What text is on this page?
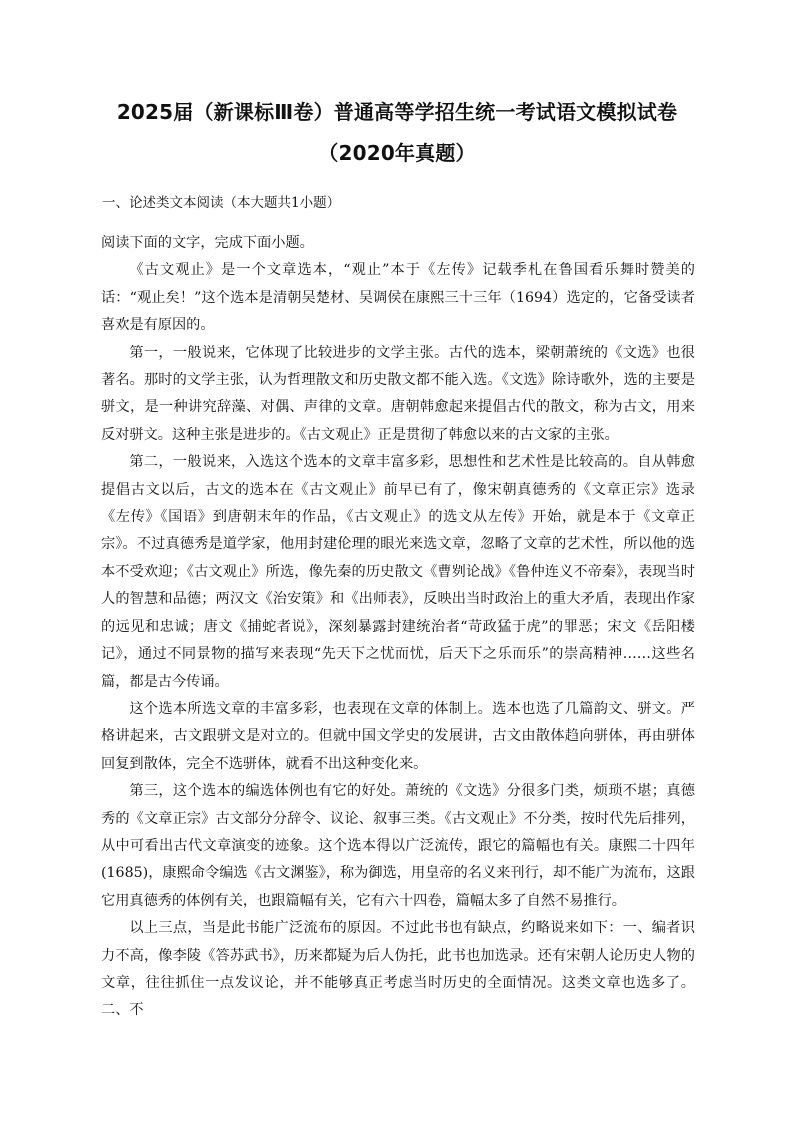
2025届（新课标Ⅲ卷）普通高等学招生统一考试语文模拟试卷
（2020年真题）
一、论述类文本阅读（本大题共1小题）

阅读下面的文字，完成下面小题。

《古文观止》是一个文章选本，“观止”本于《左传》记载季札在鲁国看乐舞时赞美的话：“观止矣！”这个选本是清朝吴楚材、吴调侯在康熙三十三年（1694）选定的，它备受读者喜欢是有原因的。

第一，一般说来，它体现了比较进步的文学主张。古代的选本，梁朝萧统的《文选》也很著名。那时的文学主张，认为哲理散文和历史散文都不能入选。《文选》除诗歌外，选的主要是骈文，是一种讲究辞藻、对偶、声律的文章。唐朝韩愈起来提倡古代的散文，称为古文，用来反对骈文。这种主张是进步的。《古文观止》正是贯彻了韩愈以来的古文家的主张。

第二，一般说来，入选这个选本的文章丰富多彩，思想性和艺术性是比较高的。自从韩愈提倡古文以后，古文的选本在《古文观止》前早已有了，像宋朝真德秀的《文章正宗》选录《左传》《国语》到唐朝末年的作品，《古文观止》的选文从左传》开始，就是本于《文章正宗》。不过真德秀是道学家，他用封建伦理的眼光来选文章，忽略了文章的艺术性，所以他的选本不受欢迎；《古文观止》所选，像先秦的历史散文《曹刿论战》《鲁仲连义不帝秦》，表现当时人的智慧和品德；两汉文《治安策》和《出师表》，反映出当时政治上的重大矛盾，表现出作家的远见和忠诚；唐文《捕蛇者说》，深刻暴露封建统治者“苛政猛于虎”的罪恶；宋文《岳阳楼记》，通过不同景物的描写来表现“先天下之忧而忧，后天下之乐而乐”的崇高精神……这些名篇，都是古今传诵。

这个选本所选文章的丰富多彩，也表现在文章的体制上。选本也选了几篇韵文、骈文。严格讲起来，古文跟骈文是对立的。但就中国文学史的发展讲，古文由散体趋向骈体，再由骈体回复到散体，完全不选骈体，就看不出这种变化来。

第三，这个选本的编选体例也有它的好处。萧统的《文选》分很多门类，烦琐不堪；真德秀的《文章正宗》古文部分分辞令、议论、叙事三类。《古文观止》不分类，按时代先后排列，从中可看出古代文章演变的迹象。这个选本得以广泛流传，跟它的篇幅也有关。康熙二十四年(1685)，康熙命令编选《古文渊鉴》，称为御选，用皇帝的名义来刊行，却不能广为流布，这跟它用真德秀的体例有关，也跟篇幅有关，它有六十四卷，篇幅太多了自然不易推行。

以上三点，当是此书能广泛流布的原因。不过此书也有缺点，约略说来如下：一、编者识力不高，像李陵《答苏武书》，历来都疑为后人伪托，此书也加选录。还有宋朝人论历史人物的文章，往往抓住一点发议论，并不能够真正考虑当时历史的全面情况。这类文章也选多了。二、不
